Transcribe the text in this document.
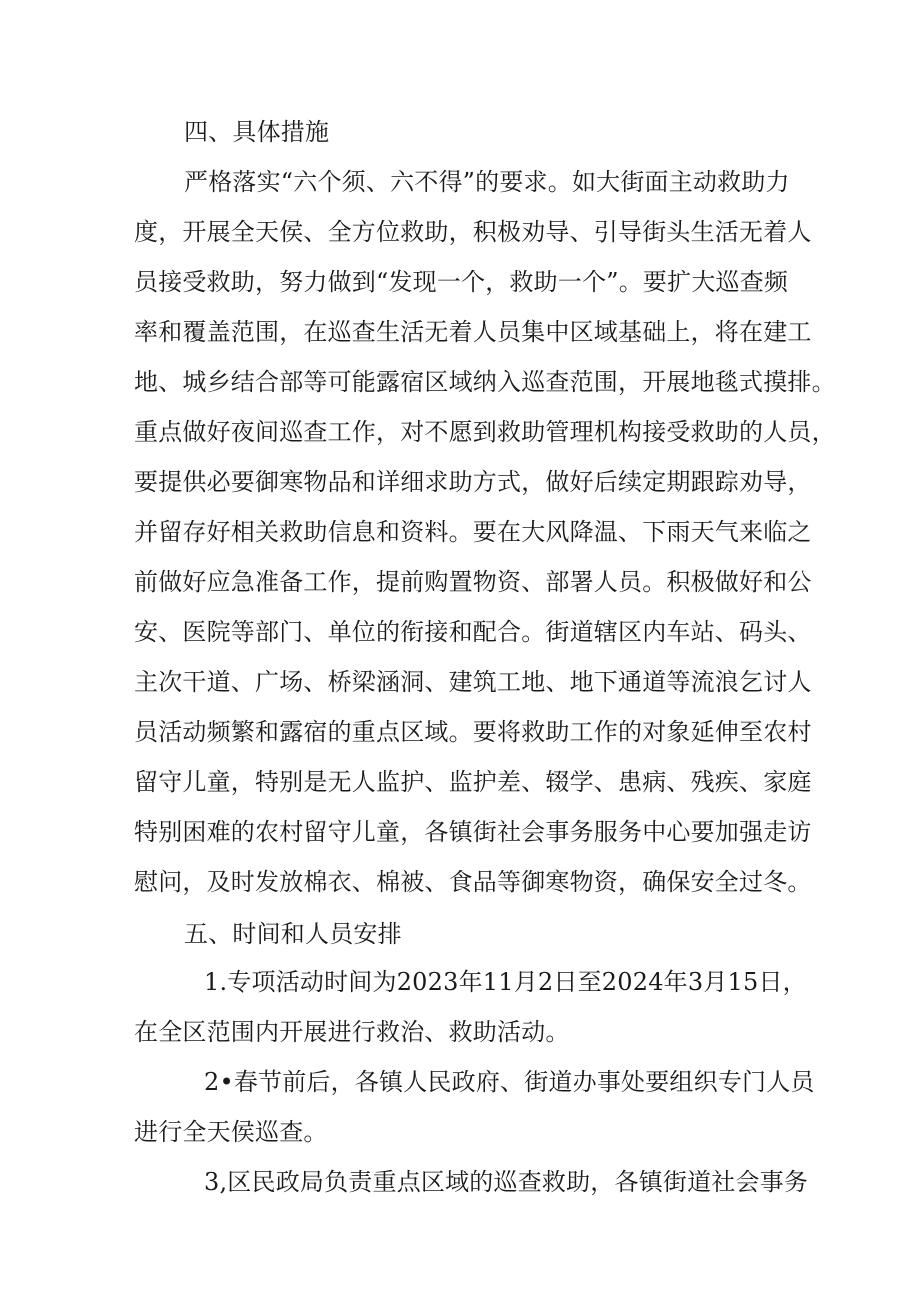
四、具体措施
严格落实“六个须、六不得”的要求。如大街面主动救助力
度，开展全天侯、全方位救助，积极劝导、引导街头生活无着人
员接受救助，努力做到“发现一个，救助一个”。要扩大巡查频
率和覆盖范围，在巡查生活无着人员集中区域基础上，将在建工
地、城乡结合部等可能露宿区域纳入巡查范围，开展地毯式摸排。
重点做好夜间巡查工作，对不愿到救助管理机构接受救助的人员，
要提供必要御寒物品和详细求助方式，做好后续定期跟踪劝导，
并留存好相关救助信息和资料。要在大风降温、下雨天气来临之
前做好应急准备工作，提前购置物资、部署人员。积极做好和公
安、医院等部门、单位的衔接和配合。街道辖区内车站、码头、
主次干道、广场、桥梁涵洞、建筑工地、地下通道等流浪乞讨人
员活动频繁和露宿的重点区域。要将救助工作的对象延伸至农村
留守儿童，特别是无人监护、监护差、辍学、患病、残疾、家庭
特别困难的农村留守儿童，各镇街社会事务服务中心要加强走访
慰问，及时发放棉衣、棉被、食品等御寒物资，确保安全过冬。
五、时间和人员安排
1.专项活动时间为2023年11月2日至2024年3月15日，
在全区范围内开展进行救治、救助活动。
2•春节前后，各镇人民政府、街道办事处要组织专门人员
进行全天侯巡查。
3,区民政局负责重点区域的巡查救助，各镇街道社会事务
